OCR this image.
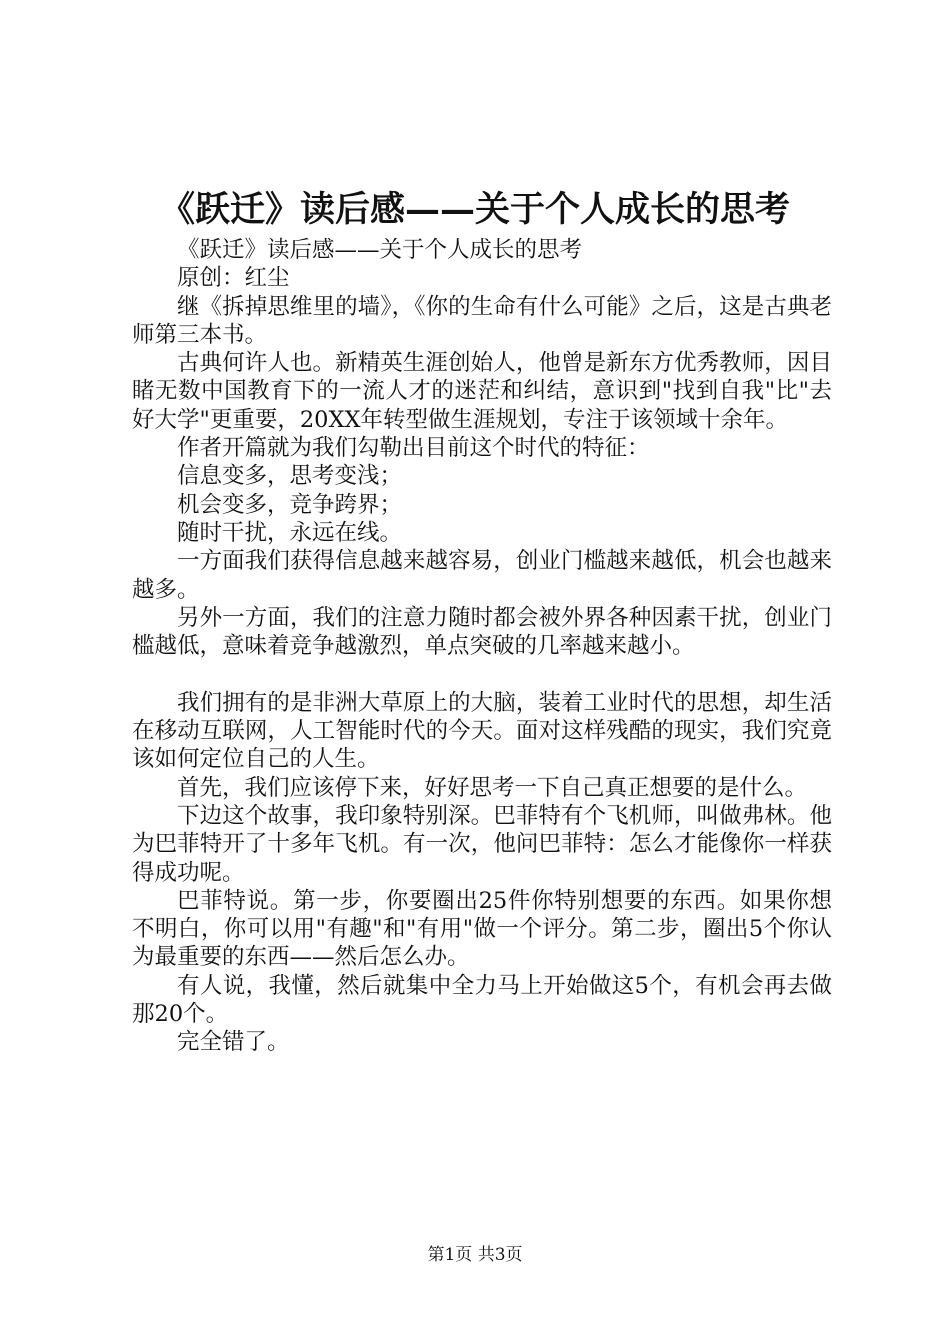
《跃迁》读后感——关于个人成长的思考

《跃迁》读后感——关于个人成长的思考

原创：红尘

继《拆掉思维里的墙》，《你的生命有什么可能》之后，这是古典老师第三本书。

古典何许人也。新精英生涯创始人，他曾是新东方优秀教师，因目睹无数中国教育下的一流人才的迷茫和纠结，意识到"找到自我"比"去好大学"更重要，20XX年转型做生涯规划，专注于该领域十余年。

作者开篇就为我们勾勒出目前这个时代的特征：

信息变多，思考变浅；

机会变多，竞争跨界；

随时干扰，永远在线。

一方面我们获得信息越来越容易，创业门槛越来越低，机会也越来越多。

另外一方面，我们的注意力随时都会被外界各种因素干扰，创业门槛越低，意味着竞争越激烈，单点突破的几率越来越小。

我们拥有的是非洲大草原上的大脑，装着工业时代的思想，却生活在移动互联网，人工智能时代的今天。面对这样残酷的现实，我们究竟该如何定位自己的人生。

首先，我们应该停下来，好好思考一下自己真正想要的是什么。

下边这个故事，我印象特别深。巴菲特有个飞机师，叫做弗林。他为巴菲特开了十多年飞机。有一次，他问巴菲特：怎么才能像你一样获得成功呢。

巴菲特说。第一步，你要圈出25件你特别想要的东西。如果你想不明白，你可以用"有趣"和"有用"做一个评分。第二步，圈出5个你认为最重要的东西——然后怎么办。

有人说，我懂，然后就集中全力马上开始做这5个，有机会再去做那20个。

完全错了。

第1页 共3页
